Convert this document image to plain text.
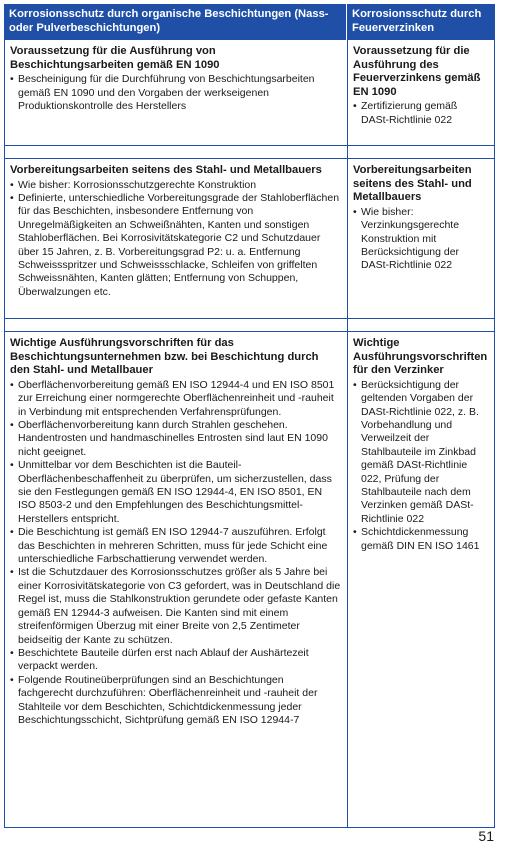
Korrosionsschutz durch organische Beschichtungen (Nass- oder Pulverbeschichtungen)
Korrosionsschutz durch Feuerverzinken
Voraussetzung für die Ausführung von Beschichtungsarbeiten gemäß EN 1090
• Bescheinigung für die Durchführung von Beschichtungsarbeiten gemäß EN 1090 und den Vorgaben der werkseigenen Produktionskontrolle des Herstellers
Voraussetzung für die Ausführung des Feuerverzinkens gemäß EN 1090
• Zertifizierung gemäß DASt-Richtlinie 022
Vorbereitungsarbeiten seitens des Stahl- und Metallbauers
• Wie bisher: Korrosionsschutzgerechte Konstruktion
• Definierte, unterschiedliche Vorbereitungsgrade der Stahloberflächen für das Beschichten, insbesondere Entfernung von Unregelmäßigkeiten an Schweißnähten, Kanten und sonstigen Stahloberflächen. Bei Korrosivitätskategorie C2 und Schutzdauer über 15 Jahren, z. B. Vorbereitungsgrad P2: u. a. Entfernung Schweissspritzer und Schweissschlacke, Schleifen von griffelten Schweissnähten, Kanten glätten; Entfernung von Schuppen, Überwalzungen etc.
Vorbereitungsarbeiten seitens des Stahl- und Metallbauers
• Wie bisher: Verzinkungsgerechte Konstruktion mit Berücksichtigung der DASt-Richtlinie 022
Wichtige Ausführungsvorschriften für das Beschichtungsunternehmen bzw. bei Beschichtung durch den Stahl- und Metallbauer
• Oberflächenvorbereitung gemäß EN ISO 12944-4 und EN ISO 8501 zur Erreichung einer normgerechte Oberflächenreinheit und -rauheit in Verbindung mit entsprechenden Verfahrensprüfungen.
• Oberflächenvorbereitung kann durch Strahlen geschehen. Handentrosten und handmaschinelles Entrosten sind laut EN 1090 nicht geeignet.
• Unmittelbar vor dem Beschichten ist die Bauteil-Oberflächenbeschaffenheit zu überprüfen, um sicherzustellen, dass sie den Festlegungen gemäß EN ISO 12944-4, EN ISO 8501, EN ISO 8503-2 und den Empfehlungen des Beschichtungsmittel-Herstellers entspricht.
• Die Beschichtung ist gemäß EN ISO 12944-7 auszuführen. Erfolgt das Beschichten in mehreren Schritten, muss für jede Schicht eine unterschiedliche Farbschattierung verwendet werden.
• Ist die Schutzdauer des Korrosionsschutzes größer als 5 Jahre bei einer Korrosivitätskategorie von C3 gefordert, was in Deutschland die Regel ist, muss die Stahlkonstruktion gerundete oder gefaste Kanten gemäß EN 12944-3 aufweisen. Die Kanten sind mit einem streifenförmigen Überzug mit einer Breite von 2,5 Zentimeter beidseitig der Kante zu schützen.
• Beschichtete Bauteile dürfen erst nach Ablauf der Aushärtezeit verpackt werden.
• Folgende Routineüberprüfungen sind an Beschichtungen fachgerecht durchzuführen: Oberflächenreinheit und -rauheit der Stahlteile vor dem Beschichten, Schichtdickenmessung jeder Beschichtungsschicht, Sichtprüfung gemäß EN ISO 12944-7
Wichtige Ausführungsvorschriften für den Verzinker
• Berücksichtigung der geltenden Vorgaben der DASt-Richtlinie 022, z. B. Vorbehandlung und Verweilzeit der Stahlbauteile im Zinkbad gemäß DASt-Richtlinie 022, Prüfung der Stahlbauteile nach dem Verzinken gemäß DASt-Richtlinie 022
• Schichtdickenmessung gemäß DIN EN ISO 1461
51
